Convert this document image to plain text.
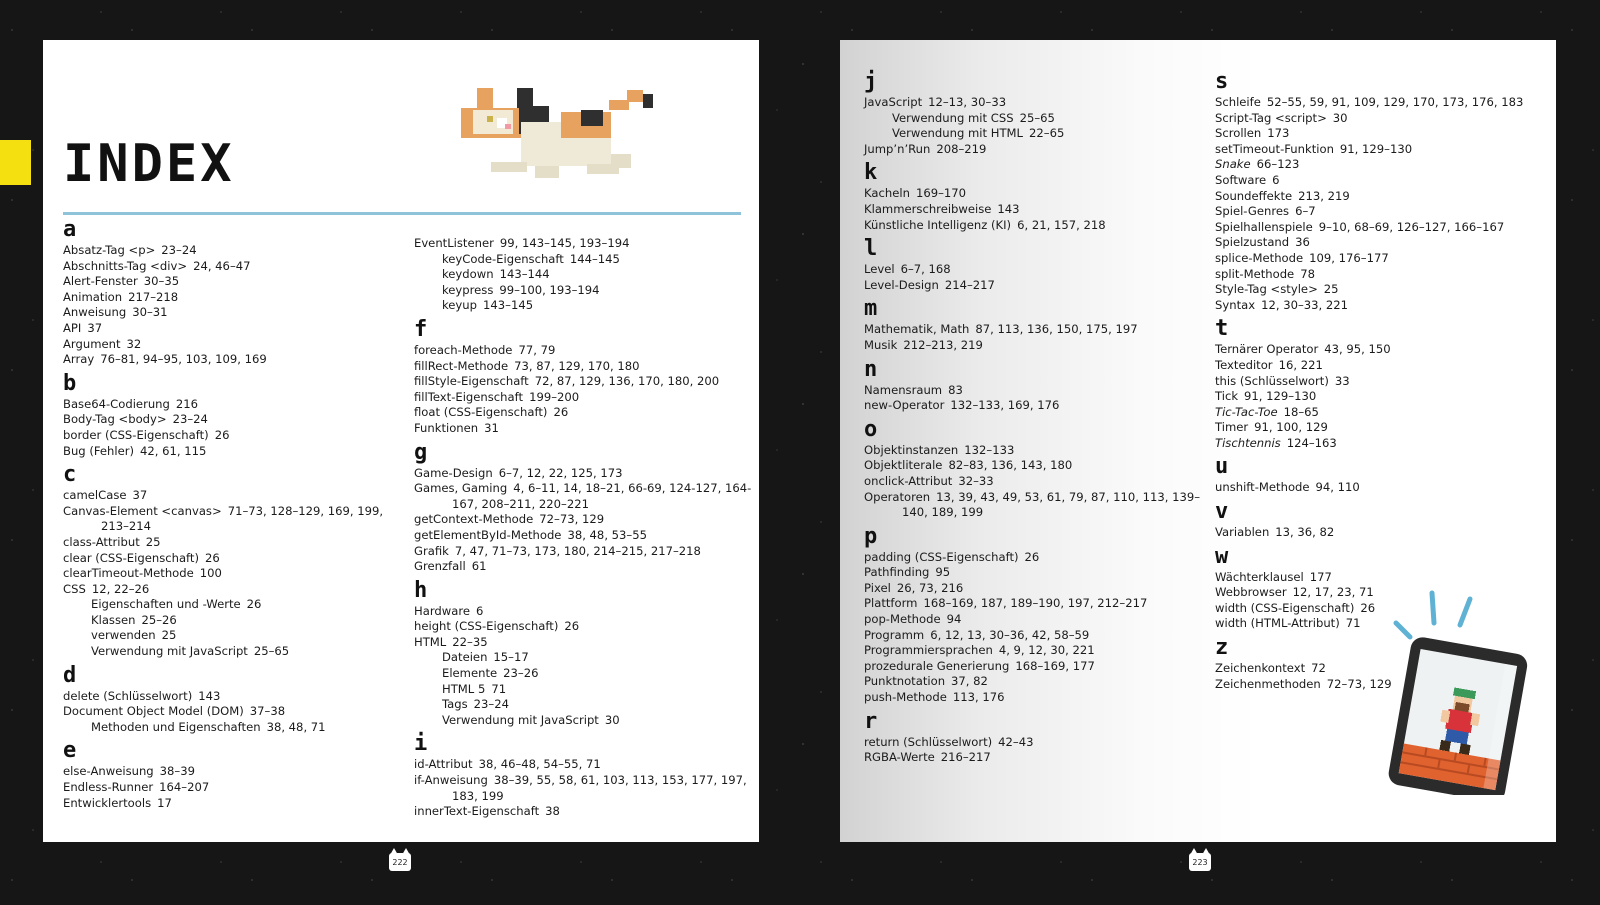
INDEX
a
Absatz-Tag <p> 23–24
Abschnitts-Tag <div> 24, 46–47
Alert-Fenster 30–35
Animation 217–218
Anweisung 30–31
API 37
Argument 32
Array 76–81, 94–95, 103, 109, 169
b
Base64-Codierung 216
Body-Tag <body> 23–24
border (CSS-Eigenschaft) 26
Bug (Fehler) 42, 61, 115
c
camelCase 37
Canvas-Element <canvas> 71–73, 128–129, 169, 199, 213–214
class-Attribut 25
clear (CSS-Eigenschaft) 26
clearTimeout-Methode 100
CSS 12, 22–26
Eigenschaften und -Werte 26
Klassen 25–26
verwenden 25
Verwendung mit JavaScript 25–65
d
delete (Schlüsselwort) 143
Document Object Model (DOM) 37–38
Methoden und Eigenschaften 38, 48, 71
e
else-Anweisung 38–39
Endless-Runner 164–207
Entwicklertools 17
EventListener 99, 143–145, 193–194
keyCode-Eigenschaft 144–145
keydown 143–144
keypress 99–100, 193–194
keyup 143–145
f
foreach-Methode 77, 79
fillRect-Methode 73, 87, 129, 170, 180
fillStyle-Eigenschaft 72, 87, 129, 136, 170, 180, 200
fillText-Eigenschaft 199–200
float (CSS-Eigenschaft) 26
Funktionen 31
g
Game-Design 6–7, 12, 22, 125, 173
Games, Gaming 4, 6–11, 14, 18–21, 66-69, 124-127, 164-167, 208–211, 220–221
getContext-Methode 72–73, 129
getElementById-Methode 38, 48, 53–55
Grafik 7, 47, 71–73, 173, 180, 214–215, 217–218
Grenzfall 61
h
Hardware 6
height (CSS-Eigenschaft) 26
HTML 22–35
Dateien 15–17
Elemente 23–26
HTML 5 71
Tags 23–24
Verwendung mit JavaScript 30
i
id-Attribut 38, 46–48, 54–55, 71
if-Anweisung 38–39, 55, 58, 61, 103, 113, 153, 177, 197, 183, 199
innerText-Eigenschaft 38
j
JavaScript 12–13, 30–33
Verwendung mit CSS 25–65
Verwendung mit HTML 22–65
Jump’n’Run 208–219
k
Kacheln 169–170
Klammerschreibweise 143
Künstliche Intelligenz (KI) 6, 21, 157, 218
l
Level 6–7, 168
Level-Design 214–217
m
Mathematik, Math 87, 113, 136, 150, 175, 197
Musik 212–213, 219
n
Namensraum 83
new-Operator 132–133, 169, 176
o
Objektinstanzen 132–133
Objektliterale 82–83, 136, 143, 180
onclick-Attribut 32–33
Operatoren 13, 39, 43, 49, 53, 61, 79, 87, 110, 113, 139–140, 189, 199
p
padding (CSS-Eigenschaft) 26
Pathfinding 95
Pixel 26, 73, 216
Plattform 168–169, 187, 189–190, 197, 212–217
pop-Methode 94
Programm 6, 12, 13, 30–36, 42, 58–59
Programmiersprachen 4, 9, 12, 30, 221
prozedurale Generierung 168–169, 177
Punktnotation 37, 82
push-Methode 113, 176
r
return (Schlüsselwort) 42–43
RGBA-Werte 216–217
s
Schleife 52–55, 59, 91, 109, 129, 170, 173, 176, 183
Script-Tag <script> 30
Scrollen 173
setTimeout-Funktion 91, 129–130
Snake 66–123
Software 6
Soundeffekte 213, 219
Spiel-Genres 6–7
Spielhallenspiele 9–10, 68–69, 126–127, 166–167
Spielzustand 36
splice-Methode 109, 176–177
split-Methode 78
Style-Tag <style> 25
Syntax 12, 30–33, 221
t
Ternärer Operator 43, 95, 150
Texteditor 16, 221
this (Schlüsselwort) 33
Tick 91, 129–130
Tic-Tac-Toe 18–65
Timer 91, 100, 129
Tischtennis 124–163
u
unshift-Methode 94, 110
v
Variablen 13, 36, 82
w
Wächterklausel 177
Webbrowser 12, 17, 23, 71
width (CSS-Eigenschaft) 26
width (HTML-Attribut) 71
z
Zeichenkontext 72
Zeichenmethoden 72–73, 129
222	223
